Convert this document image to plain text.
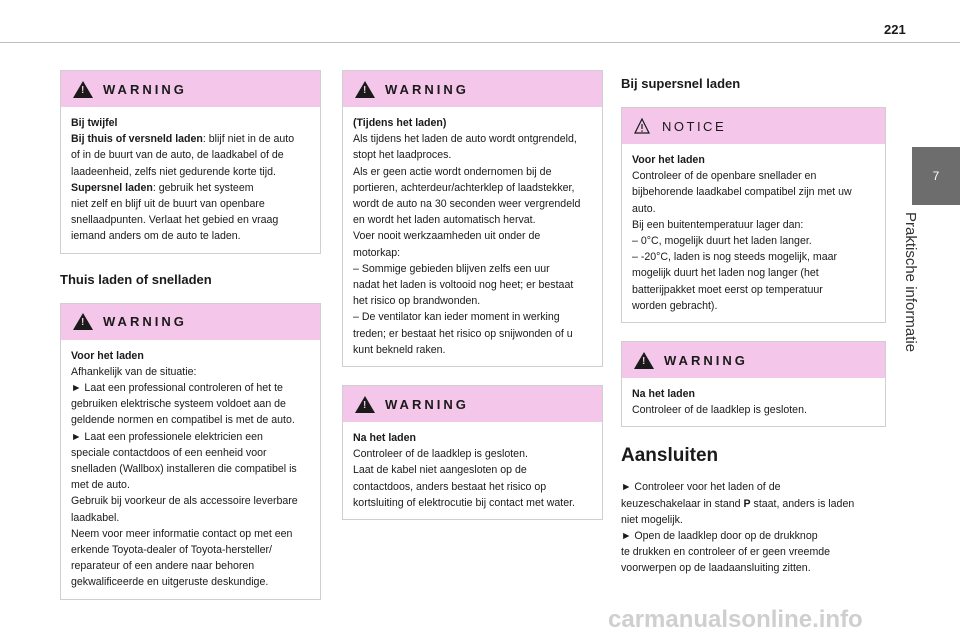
221
7
Praktische informatie
!
WARNING

Bij twijfel

Bij thuis of versneld laden: blijf niet in de auto

of in de buurt van de auto, de laadkabel of de

laadeenheid, zelfs niet gedurende korte tijd.

Supersnel laden: gebruik het systeem

niet zelf en blijf uit de buurt van openbare

snellaadpunten. Verlaat het gebied en vraag

iemand anders om de auto te laden.

Thuis laden of snelladen
!
WARNING

Voor het laden

Afhankelijk van de situatie:

► Laat een professional controleren of het te

gebruiken elektrische systeem voldoet aan de

geldende normen en compatibel is met de auto.

► Laat een professionele elektricien een

speciale contactdoos of een eenheid voor

snelladen (Wallbox) installeren die compatibel is

met de auto.

Gebruik bij voorkeur de als accessoire leverbare

laadkabel.

Neem voor meer informatie contact op met een

erkende Toyota-dealer of Toyota-hersteller/

reparateur of een andere naar behoren

gekwalificeerde en uitgeruste deskundige.

!
WARNING

(Tijdens het laden)

Als tijdens het laden de auto wordt ontgrendeld,

stopt het laadproces.

Als er geen actie wordt ondernomen bij de

portieren, achterdeur/achterklep of laadstekker,

wordt de auto na 30 seconden weer vergrendeld

en wordt het laden automatisch hervat.

Voer nooit werkzaamheden uit onder de

motorkap:

– Sommige gebieden blijven zelfs een uur

nadat het laden is voltooid nog heet; er bestaat

het risico op brandwonden.

– De ventilator kan ieder moment in werking

treden; er bestaat het risico op snijwonden of u

kunt bekneld raken.

!
WARNING

Na het laden

Controleer of de laadklep is gesloten.

Laat de kabel niet aangesloten op de

contactdoos, anders bestaat het risico op

kortsluiting of elektrocutie bij contact met water.

Bij supersnel laden
NOTICE

Voor het laden

Controleer of de openbare snellader en

bijbehorende laadkabel compatibel zijn met uw

auto.

Bij een buitentemperatuur lager dan:

– 0°C, mogelijk duurt het laden langer.

– -20°C, laden is nog steeds mogelijk, maar

mogelijk duurt het laden nog langer (het

batterijpakket moet eerst op temperatuur

worden gebracht).

!
WARNING

Na het laden

Controleer of de laadklep is gesloten.

Aansluiten

► Controleer voor het laden of de

keuzeschakelaar in stand P staat, anders is laden

niet mogelijk.

► Open de laadklep door op de drukknop

te drukken en controleer of er geen vreemde

voorwerpen op de laadaansluiting zitten.

carmanualsonline.info
